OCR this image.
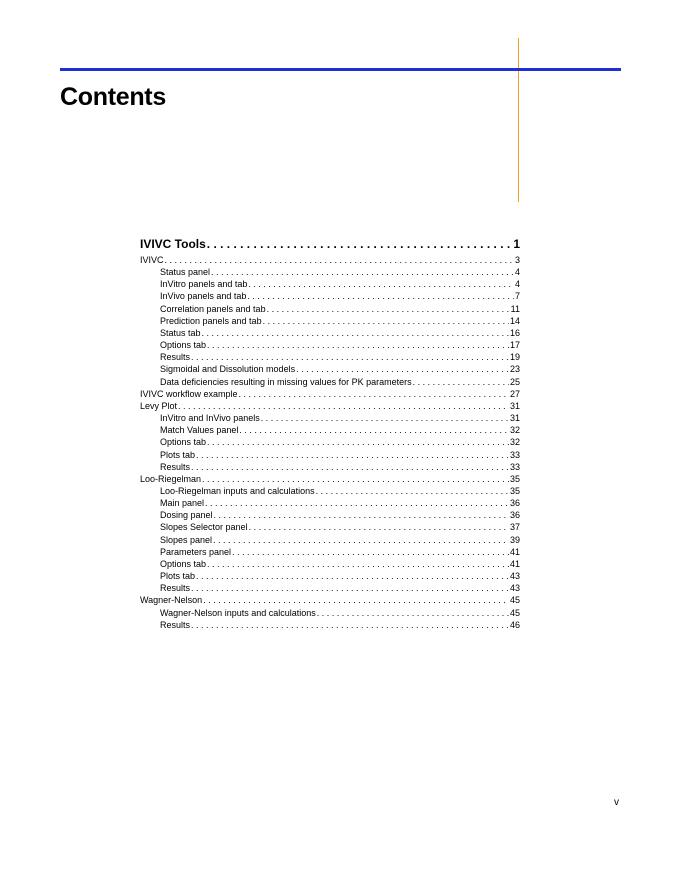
Contents
IVIVC Tools . . .	1
IVIVC . . .	3
Status panel . . .	4
InVitro panels and tab . . .	4
InVivo panels and tab . . .	7
Correlation panels and tab . . .	11
Prediction panels and tab . . .	14
Status tab . . .	16
Options tab . . .	17
Results . . .	19
Sigmoidal and Dissolution models . . .	23
Data deficiencies resulting in missing values for PK parameters . . .	25
IVIVC workflow example . . .	27
Levy Plot . . .	31
InVitro and InVivo panels . . .	31
Match Values panel . . .	32
Options tab . . .	32
Plots tab . . .	33
Results . . .	33
Loo-Riegelman . . .	35
Loo-Riegelman inputs and calculations . . .	35
Main panel . . .	36
Dosing panel . . .	36
Slopes Selector panel . . .	37
Slopes panel . . .	39
Parameters panel . . .	41
Options tab . . .	41
Plots tab . . .	43
Results . . .	43
Wagner-Nelson . . .	45
Wagner-Nelson inputs and calculations . . .	45
Results . . .	46
v
